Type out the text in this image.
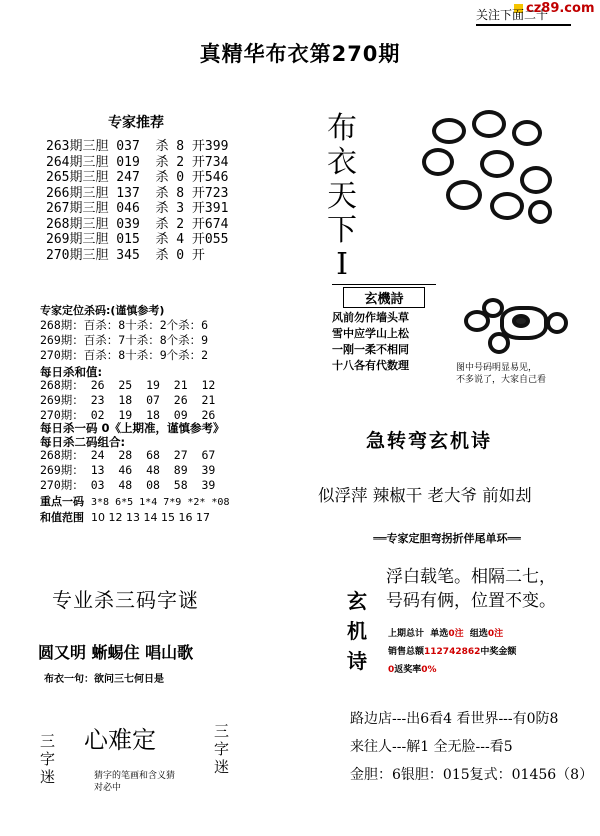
cz89.com
关注下面二十
真精华布衣第270期
专家推荐
263期三胆 037  杀 8 开399
264期三胆 019  杀 2 开734
265期三胆 247  杀 0 开546
266期三胆 137  杀 8 开723
267期三胆 046  杀 3 开391
268期三胆 039  杀 2 开674
269期三胆 015  杀 4 开055
270期三胆 345  杀 0 开
专家定位杀码:(谨慎参考)
268期：百杀：8十杀：2个杀：6
269期：百杀：7十杀：8个杀：9
270期：百杀：8十杀：9个杀：2
每日杀和值:
268期： 26  25  19  21  12
269期： 23  18  07  26  21
270期： 02  19  18  09  26
每日杀一码 0《上期准，谨慎参考》
每日杀二码组合:
268期： 24  28  68  27  67
269期： 13  46  48  89  39
270期： 03  48  08  58  39
重点一码 3*8 6*5 1*4 7*9 *2* *08
和值范围 10 12 13 14 15 16 17
布
衣
天
下
I
玄機詩
风前勿作墙头草
雪中应学山上松
一刚一柔不相同
十八各有代数理	图中号码明显易见，
不多说了，大家自己看
急转弯玄机诗
似浮萍 辣椒干 老大爷 前如刦
══专家定胆弯拐折伴尾单环══
专业杀三码字谜
圆又明 蜥蜴住 唱山歌
布衣一句：欲问三七何日是
玄
机
诗
浮白载笔。相隔二七，
号码有俩，位置不变。
上期总计 单选0注 组选0注
销售总额112742862中奖金额
0返奖率0%
路边店---出6看4 看世界---有0防8
来往人---解1 全无脸---看5
金胆：6银胆：015复式：01456（8）
三
字
迷
三
字
迷
心难定
猜字的笔画和含义猜
对必中
